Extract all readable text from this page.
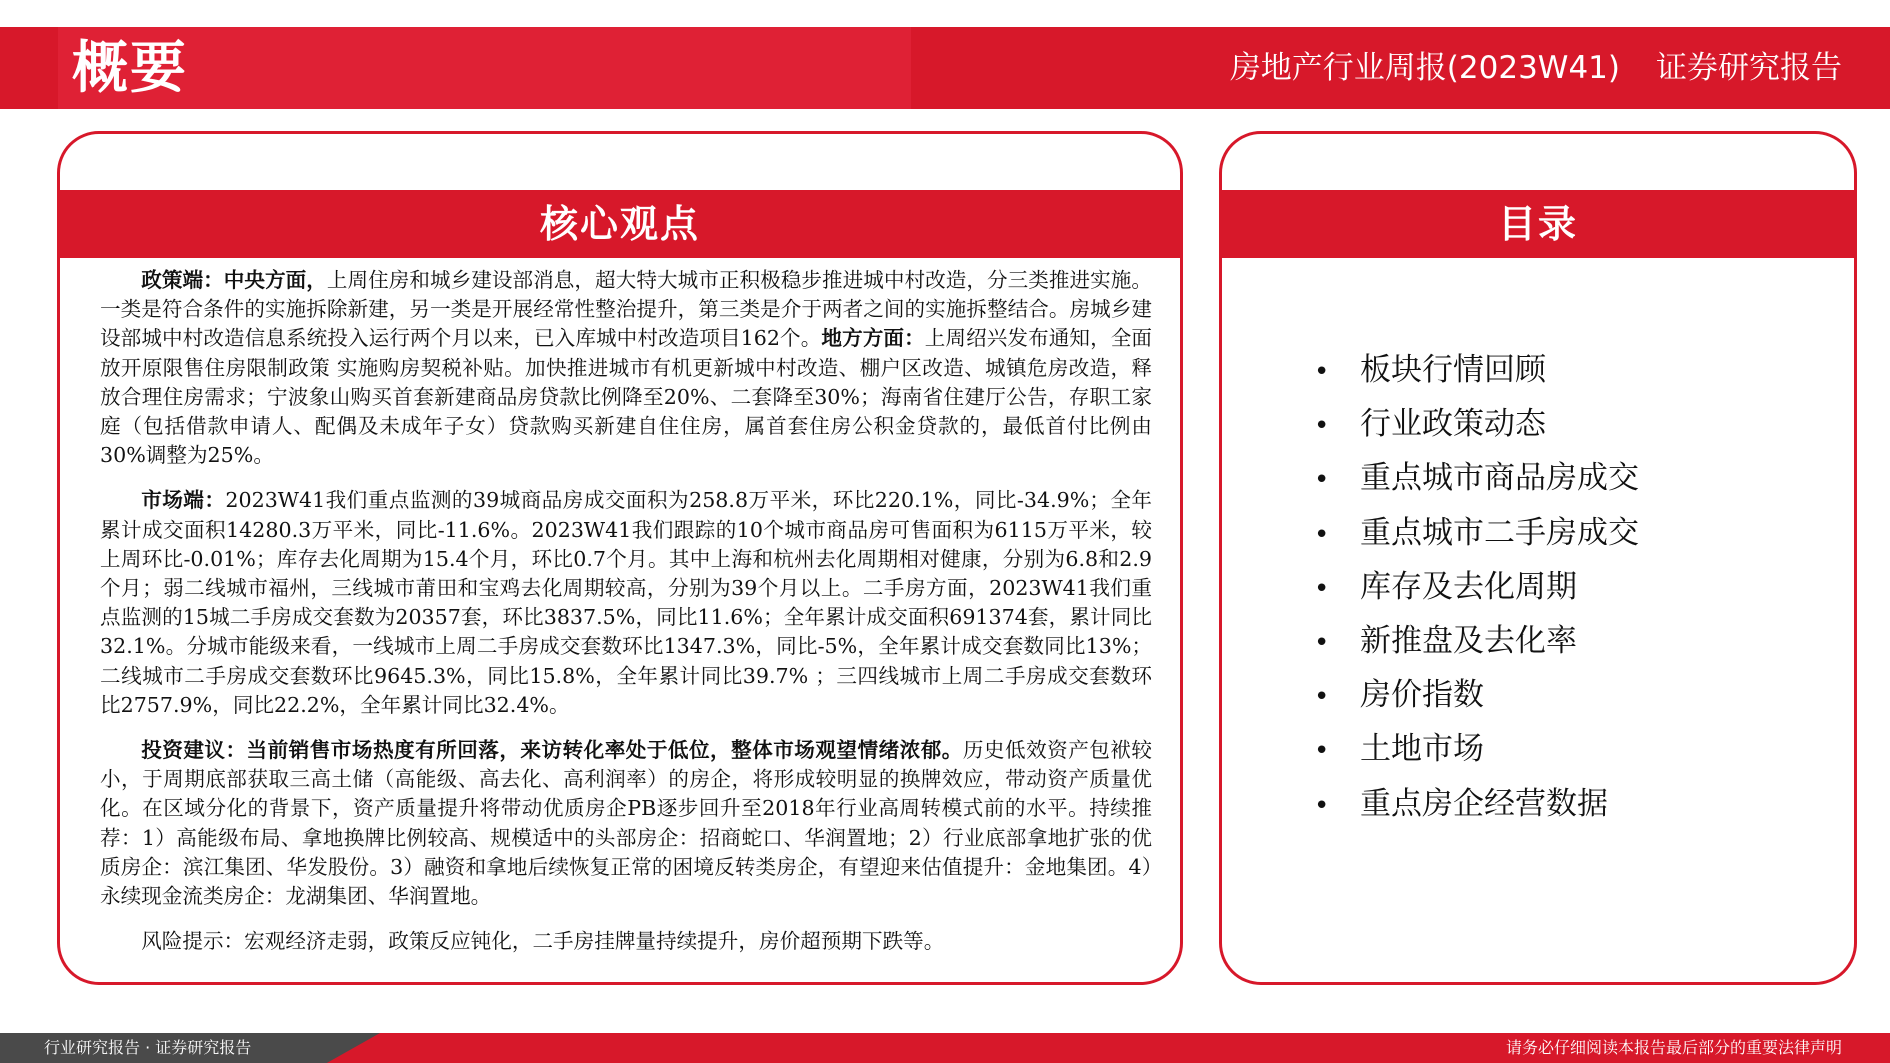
概要	房地产行业周报(2023W41) 证券研究报告
核心观点

政策端：中央方面，上周住房和城乡建设部消息，超大特大城市正积极稳步推进城中村改造，分三类推进实施。一类是符合条件的实施拆除新建，另一类是开展经常性整治提升，第三类是介于两者之间的实施拆整结合。房城乡建设部城中村改造信息系统投入运行两个月以来，已入库城中村改造项目162个。地方方面：上周绍兴发布通知，全面放开原限售住房限制政策 实施购房契税补贴。加快推进城市有机更新城中村改造、棚户区改造、城镇危房改造，释放合理住房需求；宁波象山购买首套新建商品房贷款比例降至20%、二套降至30%；海南省住建厅公告，存职工家庭（包括借款申请人、配偶及未成年子女）贷款购买新建自住住房，属首套住房公积金贷款的，最低首付比例由30%调整为25%。

市场端：2023W41我们重点监测的39城商品房成交面积为258.8万平米，环比220.1%，同比-34.9%；全年累计成交面积14280.3万平米，同比-11.6%。2023W41我们跟踪的10个城市商品房可售面积为6115万平米，较上周环比-0.01%；库存去化周期为15.4个月，环比0.7个月。其中上海和杭州去化周期相对健康，分别为6.8和2.9个月；弱二线城市福州，三线城市莆田和宝鸡去化周期较高，分别为39个月以上。二手房方面，2023W41我们重点监测的15城二手房成交套数为20357套，环比3837.5%，同比11.6%；全年累计成交面积691374套，累计同比32.1%。分城市能级来看，一线城市上周二手房成交套数环比1347.3%，同比-5%，全年累计成交套数同比13%；二线城市二手房成交套数环比9645.3%，同比15.8%，全年累计同比39.7% ；三四线城市上周二手房成交套数环比2757.9%，同比22.2%，全年累计同比32.4%。

投资建议：当前销售市场热度有所回落，来访转化率处于低位，整体市场观望情绪浓郁。历史低效资产包袱较小，于周期底部获取三高土储（高能级、高去化、高利润率）的房企，将形成较明显的换牌效应，带动资产质量优化。在区域分化的背景下，资产质量提升将带动优质房企PB逐步回升至2018年行业高周转模式前的水平。持续推荐：1）高能级布局、拿地换牌比例较高、规模适中的头部房企：招商蛇口、华润置地；2）行业底部拿地扩张的优质房企：滨江集团、华发股份。3）融资和拿地后续恢复正常的困境反转类房企，有望迎来估值提升：金地集团。4）永续现金流类房企：龙湖集团、华润置地。

风险提示：宏观经济走弱，政策反应钝化，二手房挂牌量持续提升，房价超预期下跌等。

目录
• 板块行情回顾
• 行业政策动态
• 重点城市商品房成交
• 重点城市二手房成交
• 库存及去化周期
• 新推盘及去化率
• 房价指数
• 土地市场
• 重点房企经营数据
行业研究报告 · 证券研究报告	请务必仔细阅读本报告最后部分的重要法律声明
